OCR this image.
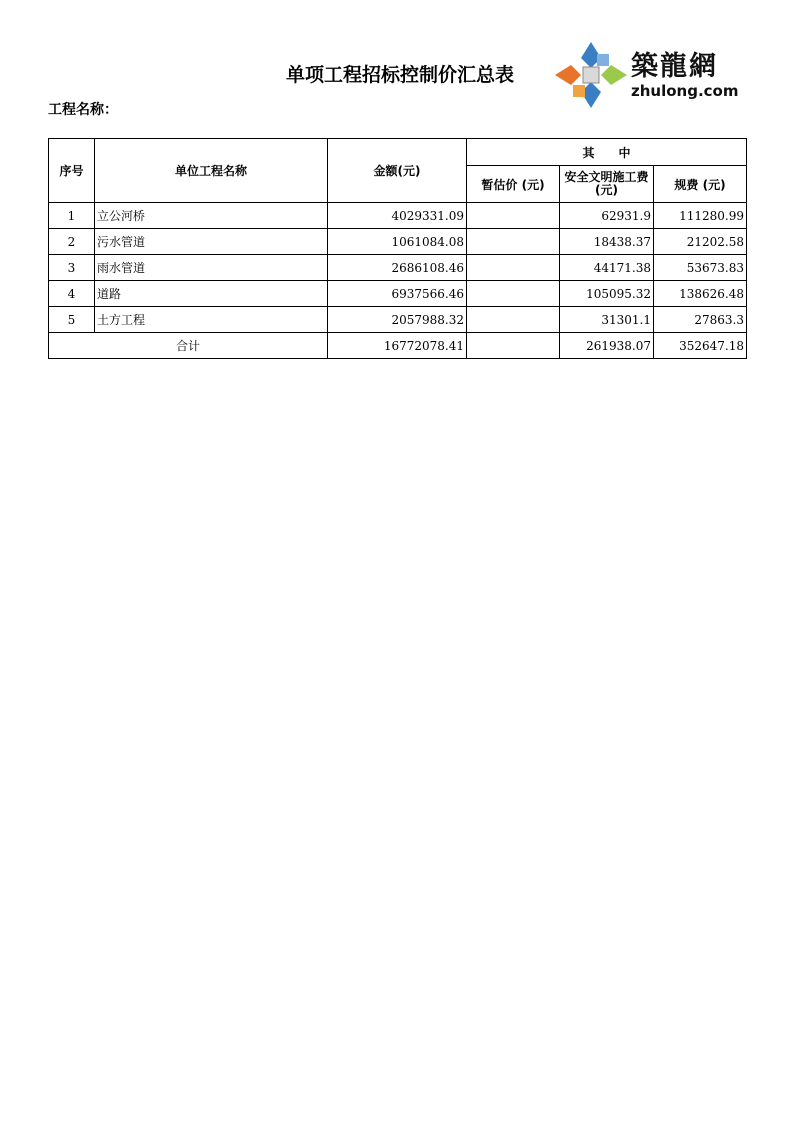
单项工程招标控制价汇总表	築龍網
zhulong.com
工程名称：
序号	单位工程名称	金额(元)	其　　中		
			暂估价 (元)	安全文明施工费(元)	规费 (元)
1	立公河桥	4029331.09		62931.9	111280.99
2	污水管道	1061084.08		18438.37	21202.58
3	雨水管道	2686108.46		44171.38	53673.83
4	道路	6937566.46		105095.32	138626.48
5	土方工程	2057988.32		31301.1	27863.3
合计		16772078.41		261938.07	352647.18
